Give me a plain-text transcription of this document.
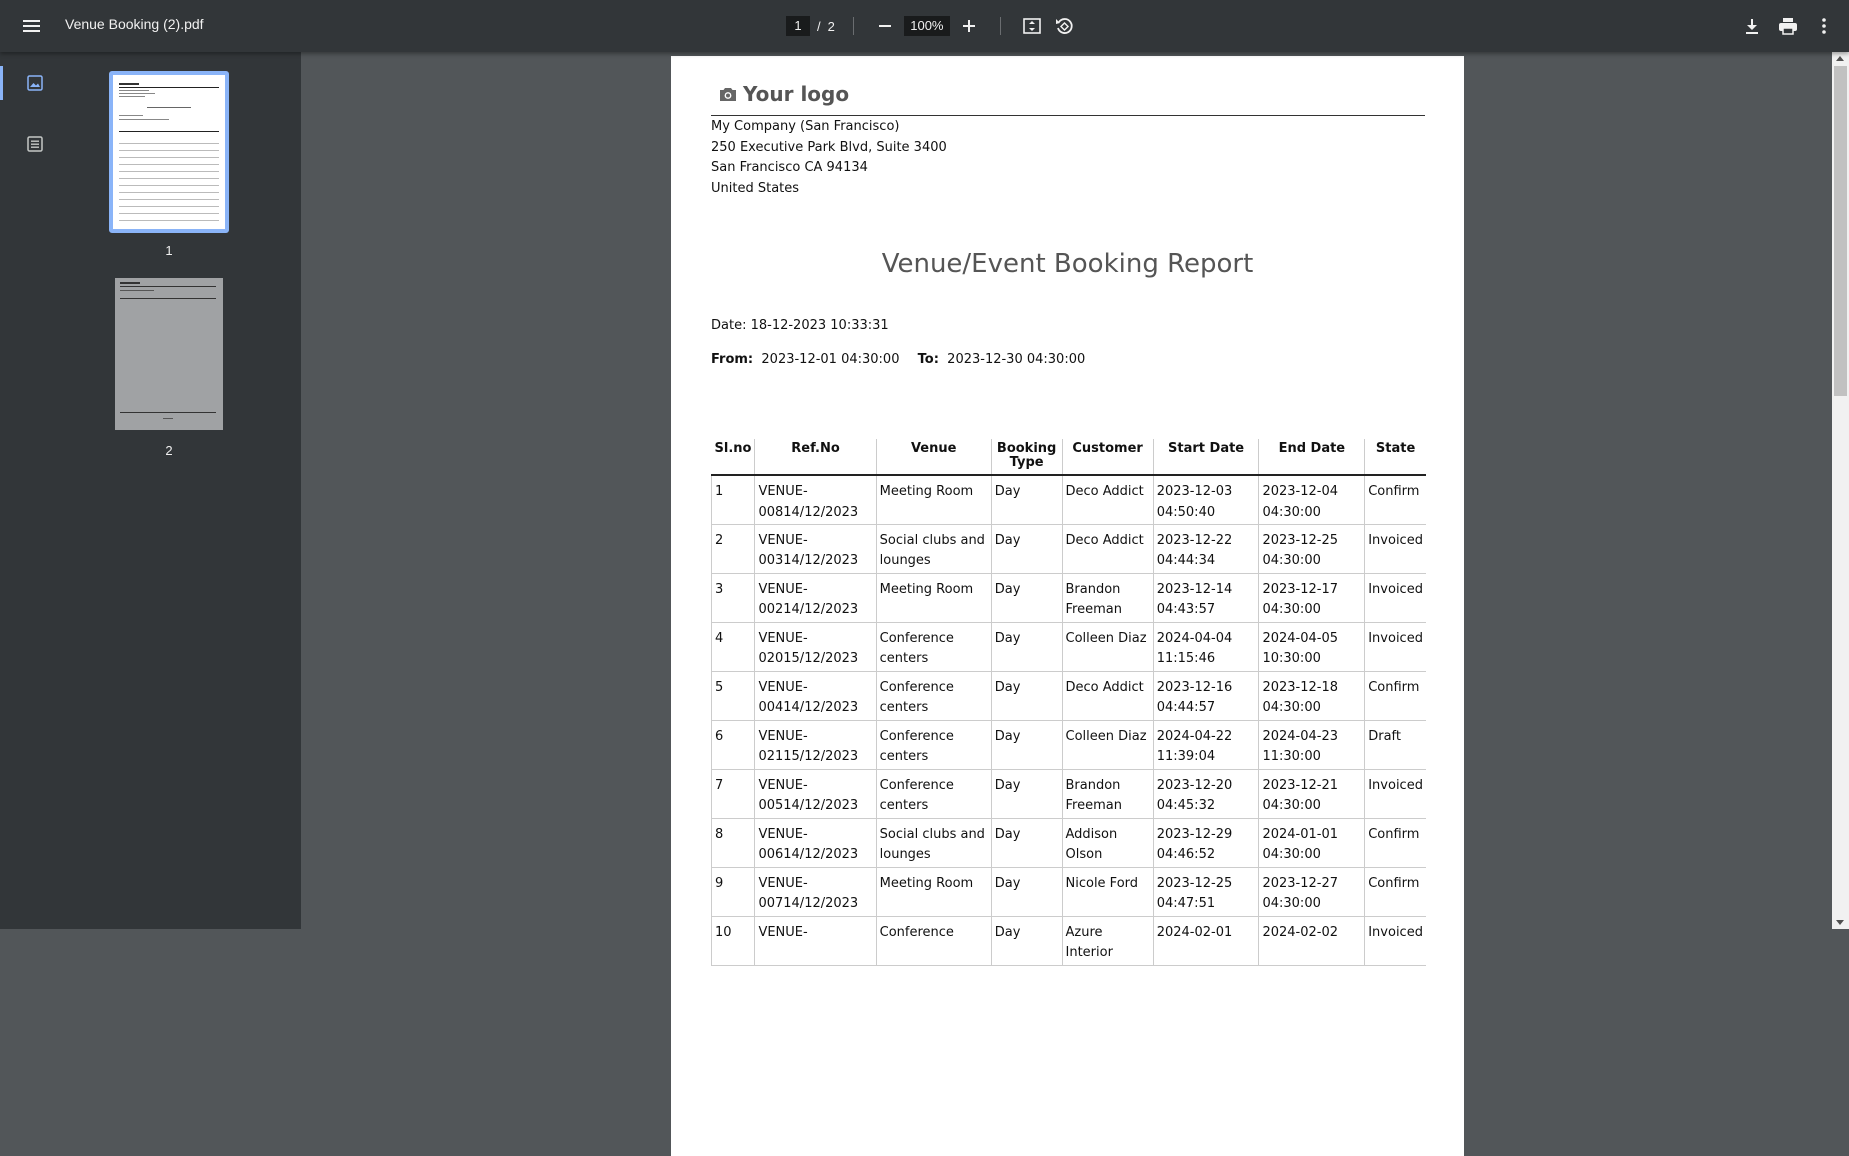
Venue Booking (2).pdf	1	/ 2	100%
1
2
Your logo
My Company (San Francisco)
250 Executive Park Blvd, Suite 3400
San Francisco CA 94134
United States
Venue/Event Booking Report
Date: 18-12-2023 10:33:31
From: 2023-12-01 04:30:00 To: 2023-12-30 04:30:00
Sl.no	Ref.No	Venue	Booking Type	Customer	Start Date	End Date	State
1	VENUE-00814/12/2023	Meeting Room	Day	Deco Addict	2023-12-03 04:50:40	2023-12-04 04:30:00	Confirm
2	VENUE-00314/12/2023	Social clubs and lounges	Day	Deco Addict	2023-12-22 04:44:34	2023-12-25 04:30:00	Invoiced
3	VENUE-00214/12/2023	Meeting Room	Day	Brandon Freeman	2023-12-14 04:43:57	2023-12-17 04:30:00	Invoiced
4	VENUE-02015/12/2023	Conference centers	Day	Colleen Diaz	2024-04-04 11:15:46	2024-04-05 10:30:00	Invoiced
5	VENUE-00414/12/2023	Conference centers	Day	Deco Addict	2023-12-16 04:44:57	2023-12-18 04:30:00	Confirm
6	VENUE-02115/12/2023	Conference centers	Day	Colleen Diaz	2024-04-22 11:39:04	2024-04-23 11:30:00	Draft
7	VENUE-00514/12/2023	Conference centers	Day	Brandon Freeman	2023-12-20 04:45:32	2023-12-21 04:30:00	Invoiced
8	VENUE-00614/12/2023	Social clubs and lounges	Day	Addison Olson	2023-12-29 04:46:52	2024-01-01 04:30:00	Confirm
9	VENUE-00714/12/2023	Meeting Room	Day	Nicole Ford	2023-12-25 04:47:51	2023-12-27 04:30:00	Confirm
10	VENUE-	Conference	Day	Azure Interior	2024-02-01	2024-02-02	Invoiced
